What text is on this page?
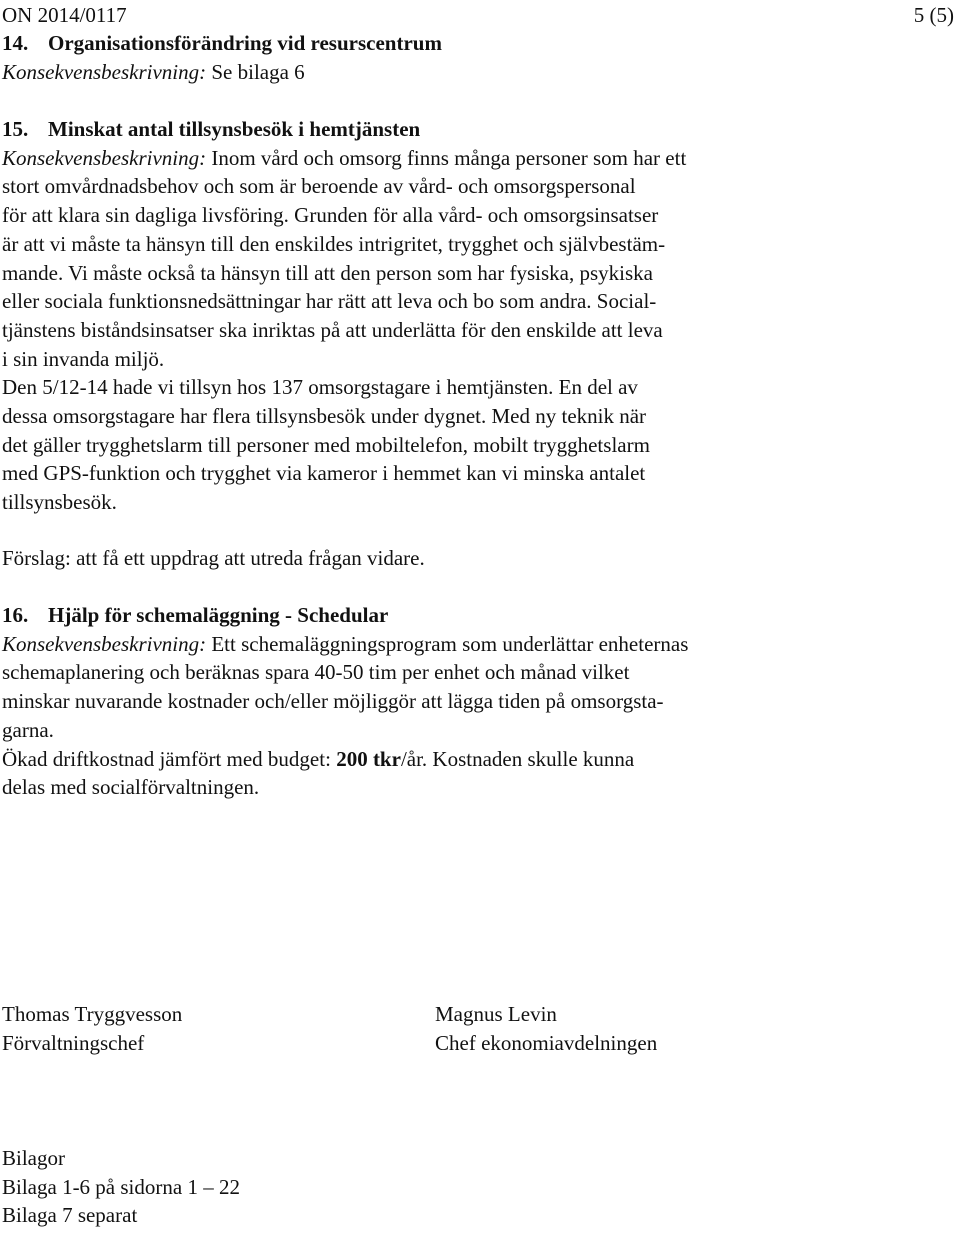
ON 2014/0117	5 (5)
14. Organisationsförändring vid resurscentrum
Konsekvensbeskrivning: Se bilaga 6
15. Minskat antal tillsynsbesök i hemtjänsten
Konsekvensbeskrivning: Inom vård och omsorg finns många personer som har ett
stort omvårdnadsbehov och som är beroende av vård- och omsorgspersonal
för att klara sin dagliga livsföring. Grunden för alla vård- och omsorgsinsatser
är att vi måste ta hänsyn till den enskildes intrigritet, trygghet och självbestäm-
mande. Vi måste också ta hänsyn till att den person som har fysiska, psykiska
eller sociala funktionsnedsättningar har rätt att leva och bo som andra. Social-
tjänstens biståndsinsatser ska inriktas på att underlätta för den enskilde att leva
i sin invanda miljö.
Den 5/12-14 hade vi tillsyn hos 137 omsorgstagare i hemtjänsten. En del av
dessa omsorgstagare har flera tillsynsbesök under dygnet. Med ny teknik när
det gäller trygghetslarm till personer med mobiltelefon, mobilt trygghetslarm
med GPS-funktion och trygghet via kameror i hemmet kan vi minska antalet
tillsynsbesök.
Förslag: att få ett uppdrag att utreda frågan vidare.
16. Hjälp för schemaläggning - Schedular
Konsekvensbeskrivning: Ett schemaläggningsprogram som underlättar enheternas
schemaplanering och beräknas spara 40-50 tim per enhet och månad vilket
minskar nuvarande kostnader och/eller möjliggör att lägga tiden på omsorgsta-
garna.
Ökad driftkostnad jämfört med budget: 200 tkr/år. Kostnaden skulle kunna
delas med socialförvaltningen.
Thomas Tryggvesson
Förvaltningschef
Magnus Levin
Chef ekonomiavdelningen
Bilagor
Bilaga 1-6 på sidorna 1 – 22
Bilaga 7 separat
